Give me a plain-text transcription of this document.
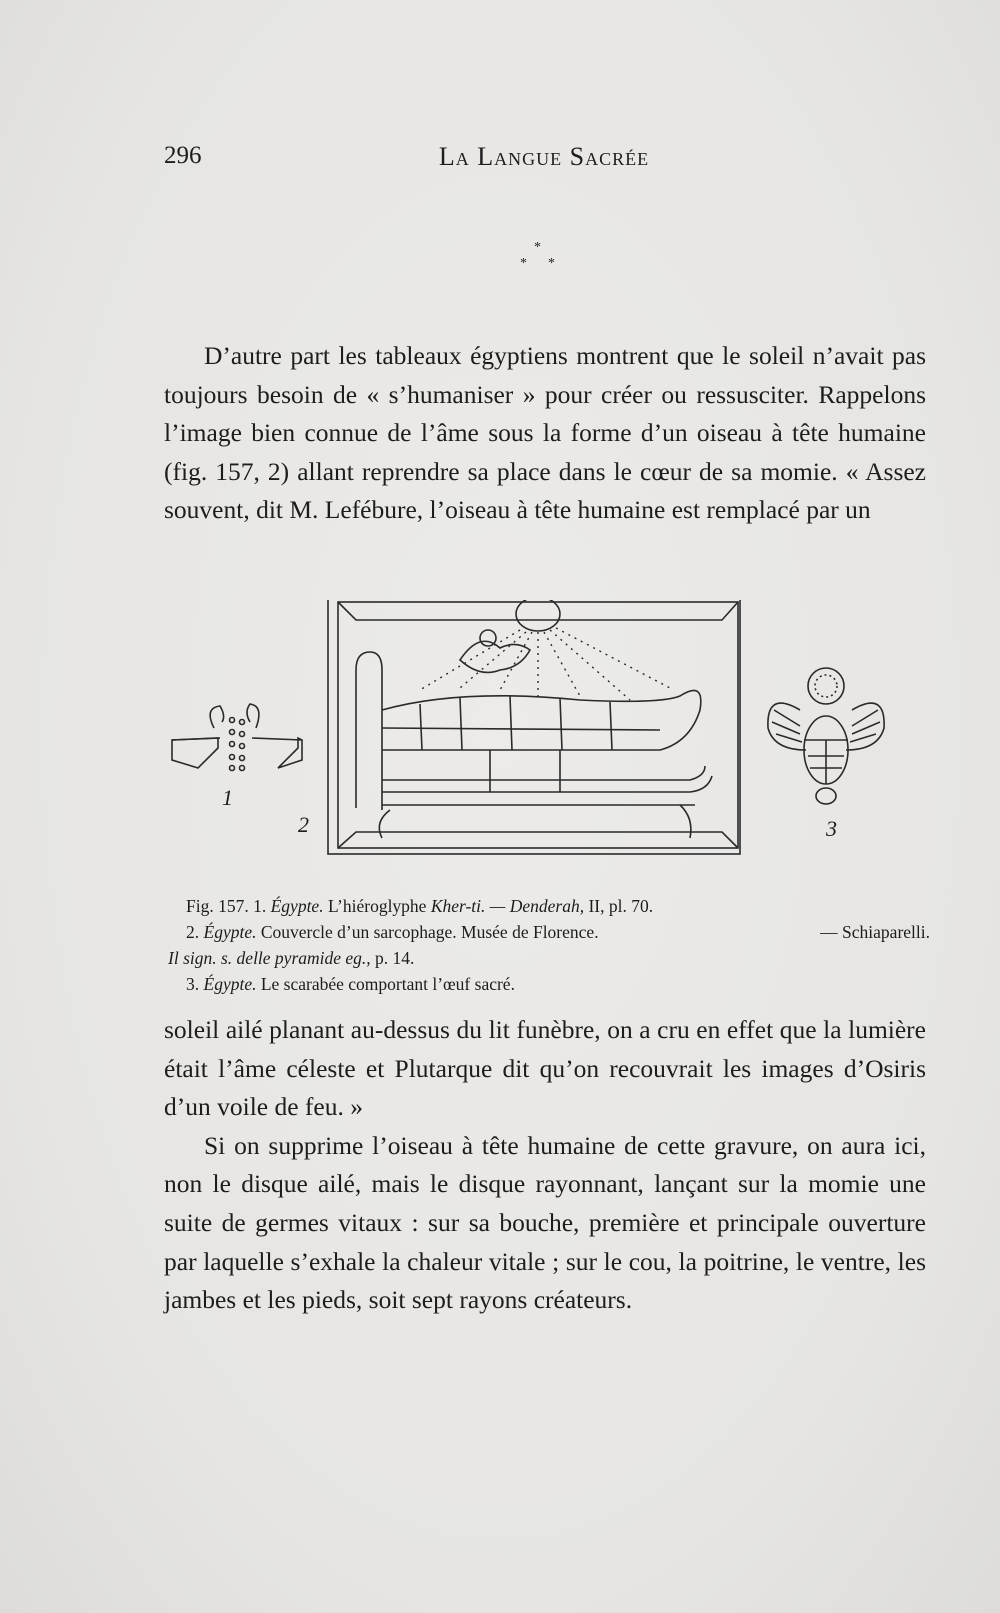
296	La Langue Sacrée
*
* *

D’autre part les tableaux égyptiens montrent que le soleil n’avait pas toujours besoin de « s’humaniser » pour créer ou ressusciter. Rappelons l’image bien connue de l’âme sous la forme d’un oiseau à tête humaine (fig. 157, 2) allant reprendre sa place dans le cœur de sa momie. « Assez souvent, dit M. Lefébure, l’oiseau à tête humaine est remplacé par un

1
2	3
Fig. 157. 1. Égypte. L’hiéroglyphe Kher-ti. — Denderah, II, pl. 70.
2. Égypte. Couvercle d’un sarcophage. Musée de Florence.	— Schiaparelli.
Il sign. s. delle pyramide eg., p. 14.
3. Égypte. Le scarabée comportant l’œuf sacré.

soleil ailé planant au-dessus du lit funèbre, on a cru en effet que la lumière était l’âme céleste et Plutarque dit qu’on recouvrait les images d’Osiris d’un voile de feu. »

Si on supprime l’oiseau à tête humaine de cette gravure, on aura ici, non le disque ailé, mais le disque rayonnant, lançant sur la momie une suite de germes vitaux : sur sa bouche, première et principale ouverture par laquelle s’exhale la chaleur vitale ; sur le cou, la poitrine, le ventre, les jambes et les pieds, soit sept rayons créateurs.
